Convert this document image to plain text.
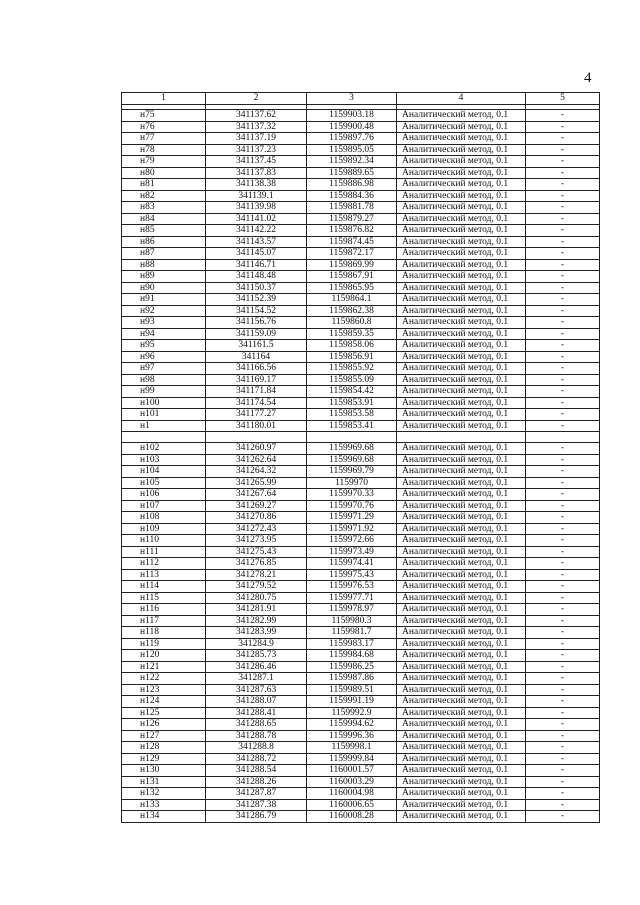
4
1	2	3	4	5

н75	341137.62	1159903.18	Аналитический метод, 0.1	-
н76	341137.32	1159900.48	Аналитический метод, 0.1	-
н77	341137.19	1159897.76	Аналитический метод, 0.1	-
н78	341137.23	1159895.05	Аналитический метод, 0.1	-
н79	341137.45	1159892.34	Аналитический метод, 0.1	-
н80	341137.83	1159889.65	Аналитический метод, 0.1	-
н81	341138.38	1159886.98	Аналитический метод, 0.1	-
н82	341139.1	1159884.36	Аналитический метод, 0.1	-
н83	341139.98	1159881.78	Аналитический метод, 0.1	-
н84	341141.02	1159879.27	Аналитический метод, 0.1	-
н85	341142.22	1159876.82	Аналитический метод, 0.1	-
н86	341143.57	1159874.45	Аналитический метод, 0.1	-
н87	341145.07	1159872.17	Аналитический метод, 0.1	-
н88	341146.71	1159869.99	Аналитический метод, 0.1	-
н89	341148.48	1159867.91	Аналитический метод, 0.1	-
н90	341150.37	1159865.95	Аналитический метод, 0.1	-
н91	341152.39	1159864.1	Аналитический метод, 0.1	-
н92	341154.52	1159862.38	Аналитический метод, 0.1	-
н93	341156.76	1159860.8	Аналитический метод, 0.1	-
н94	341159.09	1159859.35	Аналитический метод, 0.1	-
н95	341161.5	1159858.06	Аналитический метод, 0.1	-
н96	341164	1159856.91	Аналитический метод, 0.1	-
н97	341166.56	1159855.92	Аналитический метод, 0.1	-
н98	341169.17	1159855.09	Аналитический метод, 0.1	-
н99	341171.84	1159854.42	Аналитический метод, 0.1	-
н100	341174.54	1159853.91	Аналитический метод, 0.1	-
н101	341177.27	1159853.58	Аналитический метод, 0.1	-
н1	341180.01	1159853.41	Аналитический метод, 0.1	-

н102	341260.97	1159969.68	Аналитический метод, 0.1	-
н103	341262.64	1159969.68	Аналитический метод, 0.1	-
н104	341264.32	1159969.79	Аналитический метод, 0.1	-
н105	341265.99	1159970	Аналитический метод, 0.1	-
н106	341267.64	1159970.33	Аналитический метод, 0.1	-
н107	341269.27	1159970.76	Аналитический метод, 0.1	-
н108	341270.86	1159971.29	Аналитический метод, 0.1	-
н109	341272.43	1159971.92	Аналитический метод, 0.1	-
н110	341273.95	1159972.66	Аналитический метод, 0.1	-
н111	341275.43	1159973.49	Аналитический метод, 0.1	-
н112	341276.85	1159974.41	Аналитический метод, 0.1	-
н113	341278.21	1159975.43	Аналитический метод, 0.1	-
н114	341279.52	1159976.53	Аналитический метод, 0.1	-
н115	341280.75	1159977.71	Аналитический метод, 0.1	-
н116	341281.91	1159978.97	Аналитический метод, 0.1	-
н117	341282.99	1159980.3	Аналитический метод, 0.1	-
н118	341283.99	1159981.7	Аналитический метод, 0.1	-
н119	341284.9	1159983.17	Аналитический метод, 0.1	-
н120	341285.73	1159984.68	Аналитический метод, 0.1	-
н121	341286.46	1159986.25	Аналитический метод, 0.1	-
н122	341287.1	1159987.86	Аналитический метод, 0.1	-
н123	341287.63	1159989.51	Аналитический метод, 0.1	-
н124	341288.07	1159991.19	Аналитический метод, 0.1	-
н125	341288.41	1159992.9	Аналитический метод, 0.1	-
н126	341288.65	1159994.62	Аналитический метод, 0.1	-
н127	341288.78	1159996.36	Аналитический метод, 0.1	-
н128	341288.8	1159998.1	Аналитический метод, 0.1	-
н129	341288.72	1159999.84	Аналитический метод, 0.1	-
н130	341288.54	1160001.57	Аналитический метод, 0.1	-
н131	341288.26	1160003.29	Аналитический метод, 0.1	-
н132	341287.87	1160004.98	Аналитический метод, 0.1	-
н133	341287.38	1160006.65	Аналитический метод, 0.1	-
н134	341286.79	1160008.28	Аналитический метод, 0.1	-
